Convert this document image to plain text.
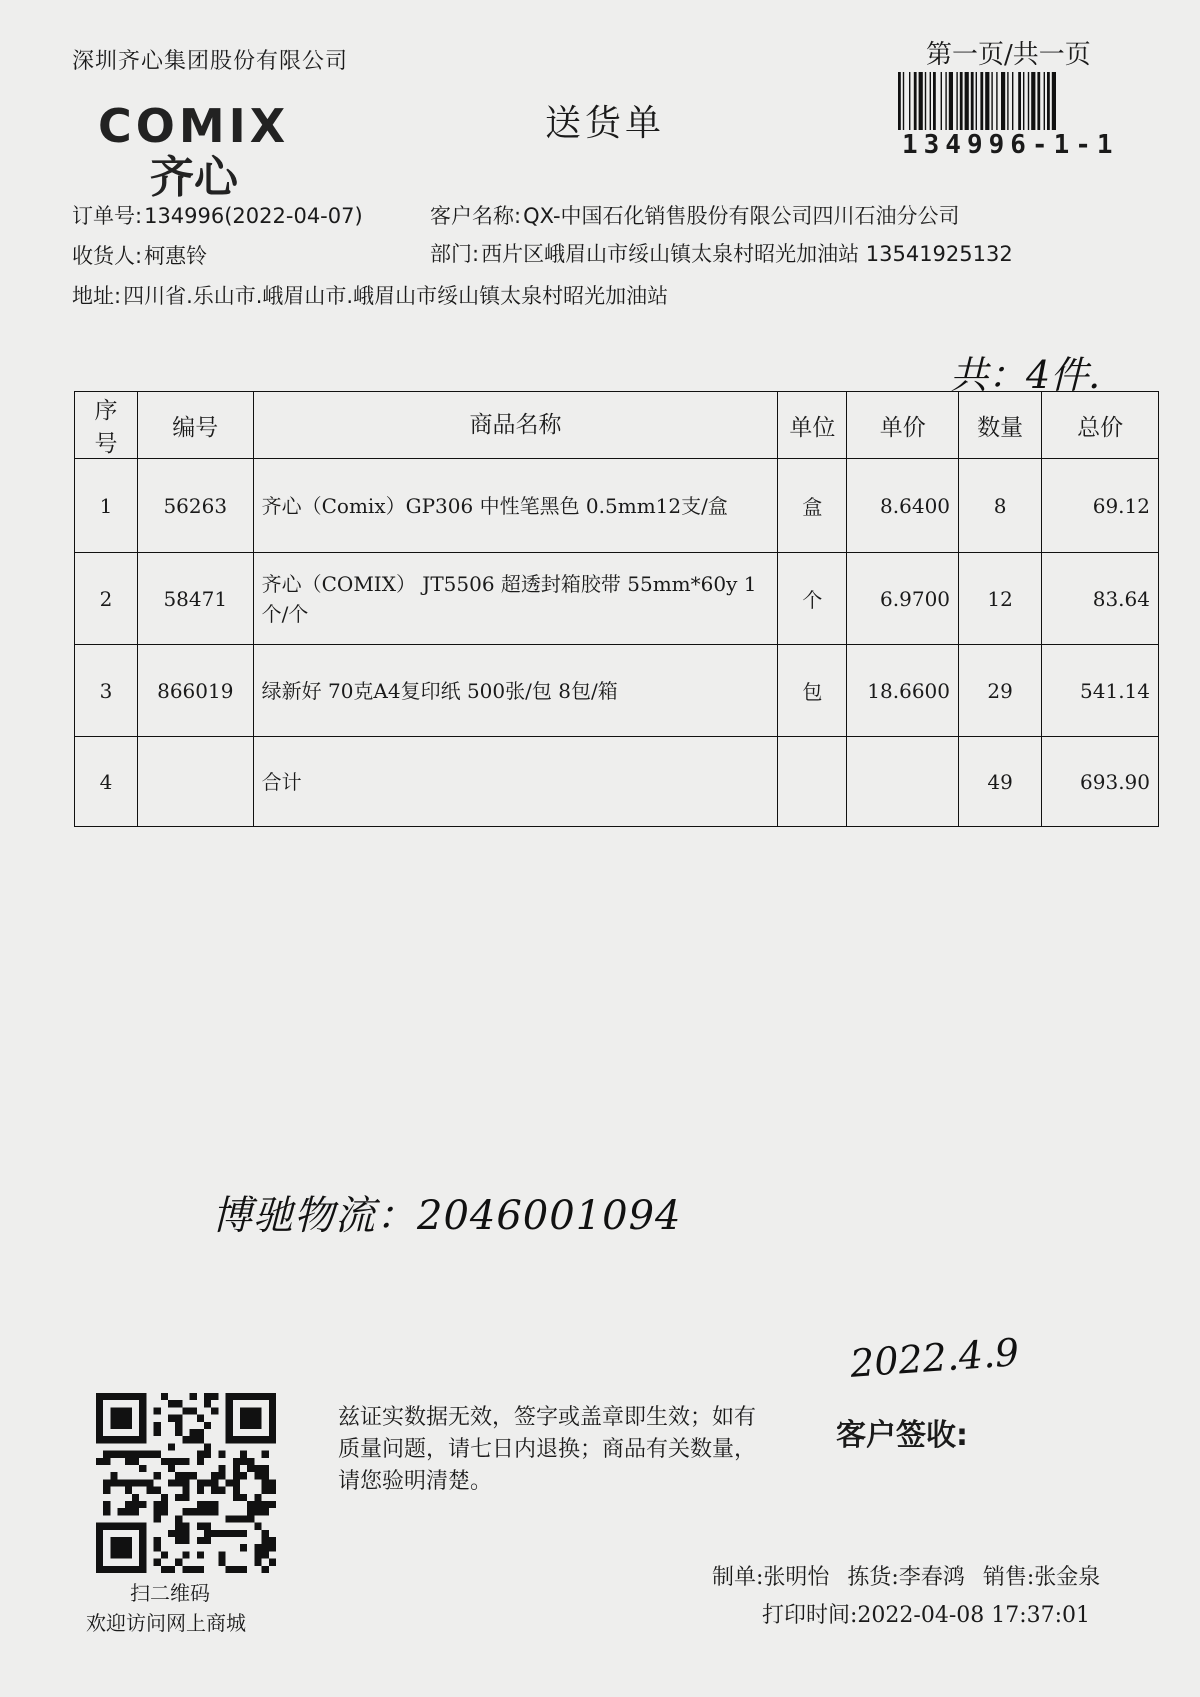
深圳齐心集团股份有限公司	第一页/共一页
134996-1-1
COMIX
齐心
送货单
订单号:134996(2022-04-07)	客户名称:QX-中国石化销售股份有限公司四川石油分公司
收货人:柯惠铃	部门:西片区峨眉山市绥山镇太泉村昭光加油站 13541925132
地址:四川省.乐山市.峨眉山市.峨眉山市绥山镇太泉村昭光加油站
共：4件.
序号	编号	商品名称	单位	单价	数量	总价
1	56263	齐心（Comix）GP306 中性笔黑色 0.5mm12支/盒	盒	8.6400	8	69.12
2	58471	齐心（COMIX） JT5506 超透封箱胶带 55mm*60y 1个/个	个	6.9700	12	83.64
3	866019	绿新好 70克A4复印纸 500张/包 8包/箱	包	18.6600	29	541.14
4		合计			49	693.90
博驰物流：2046001094
2022.4.9
扫二维码
欢迎访问网上商城
兹证实数据无效，签字或盖章即生效；如有质量问题，请七日内退换；商品有关数量，请您验明清楚。
客户签收:
制单:张明怡 拣货:李春鸿 销售:张金泉
打印时间:2022-04-08 17:37:01
